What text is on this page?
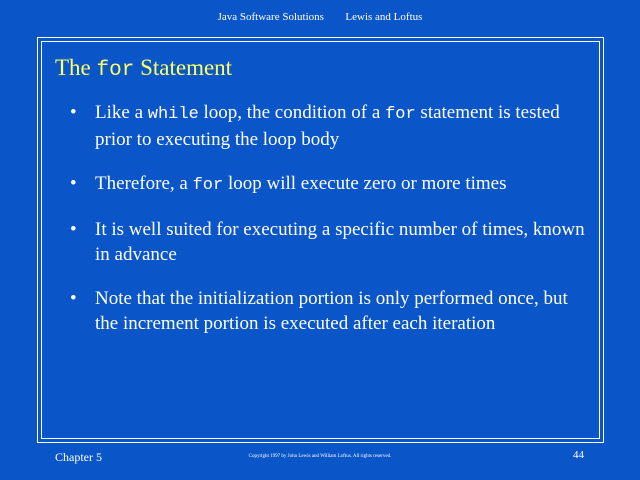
Java Software Solutions Lewis and Loftus
The for Statement
• Like a while loop, the condition of a for statement is tested prior to executing the loop body
• Therefore, a for loop will execute zero or more times
• It is well suited for executing a specific number of times, known in advance
• Note that the initialization portion is only performed once, but the increment portion is executed after each iteration
Chapter 5	Copyright 1997 by John Lewis and William Loftus. All rights reserved.	44
